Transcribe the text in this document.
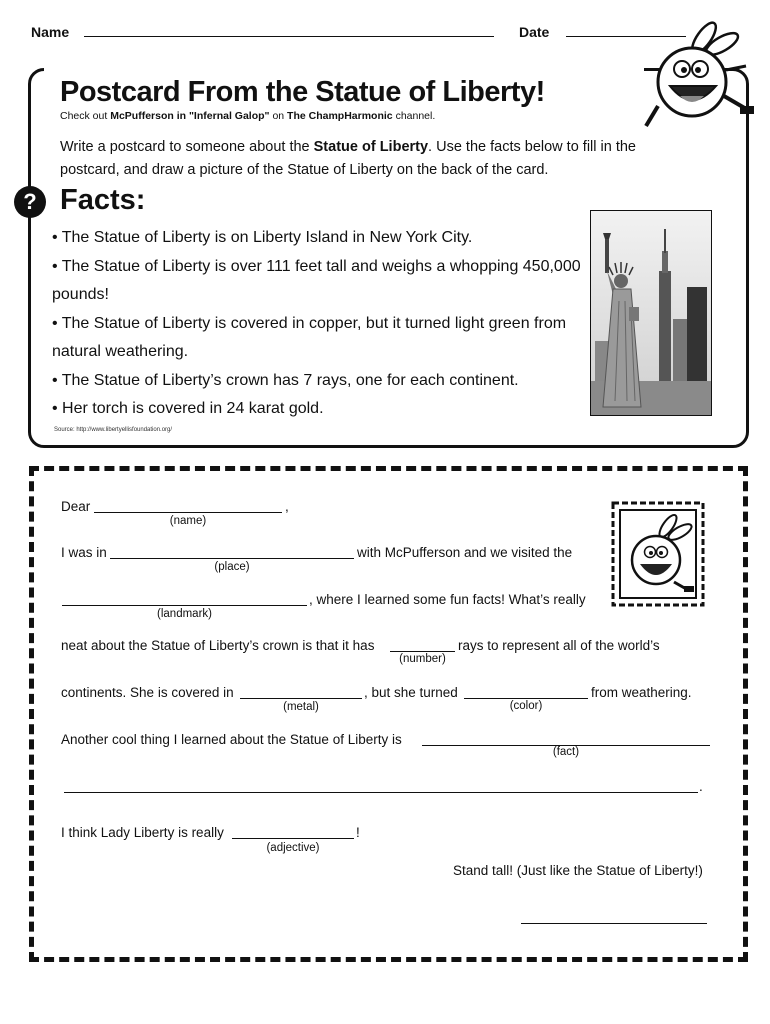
Name	Date
Postcard From the Statue of Liberty!
Check out McPufferson in "Infernal Galop" on The ChampHarmonic channel.
Write a postcard to someone about the Statue of Liberty. Use the facts below to fill in the postcard, and draw a picture of the Statue of Liberty on the back of the card.
? Facts:
• The Statue of Liberty is on Liberty Island in New York City.
• The Statue of Liberty is over 111 feet tall and weighs a whopping 450,000 pounds!
• The Statue of Liberty is covered in copper, but it turned light green from natural weathering.
• The Statue of Liberty’s crown has 7 rays, one for each continent.
• Her torch is covered in 24 karat gold.
Source: http://www.libertyellisfoundation.org/
Dear	,
(name)
I was in	with McPufferson and we visited the
(place)
, where I learned some fun facts! What’s really
(landmark)
neat about the Statue of Liberty’s crown is that it has	rays to represent all of the world’s
(number)
continents. She is covered in	, but she turned	from weathering.
(metal)	(color)
Another cool thing I learned about the Statue of Liberty is
(fact)
.
I think Lady Liberty is really	!
(adjective)
Stand tall! (Just like the Statue of Liberty!)
